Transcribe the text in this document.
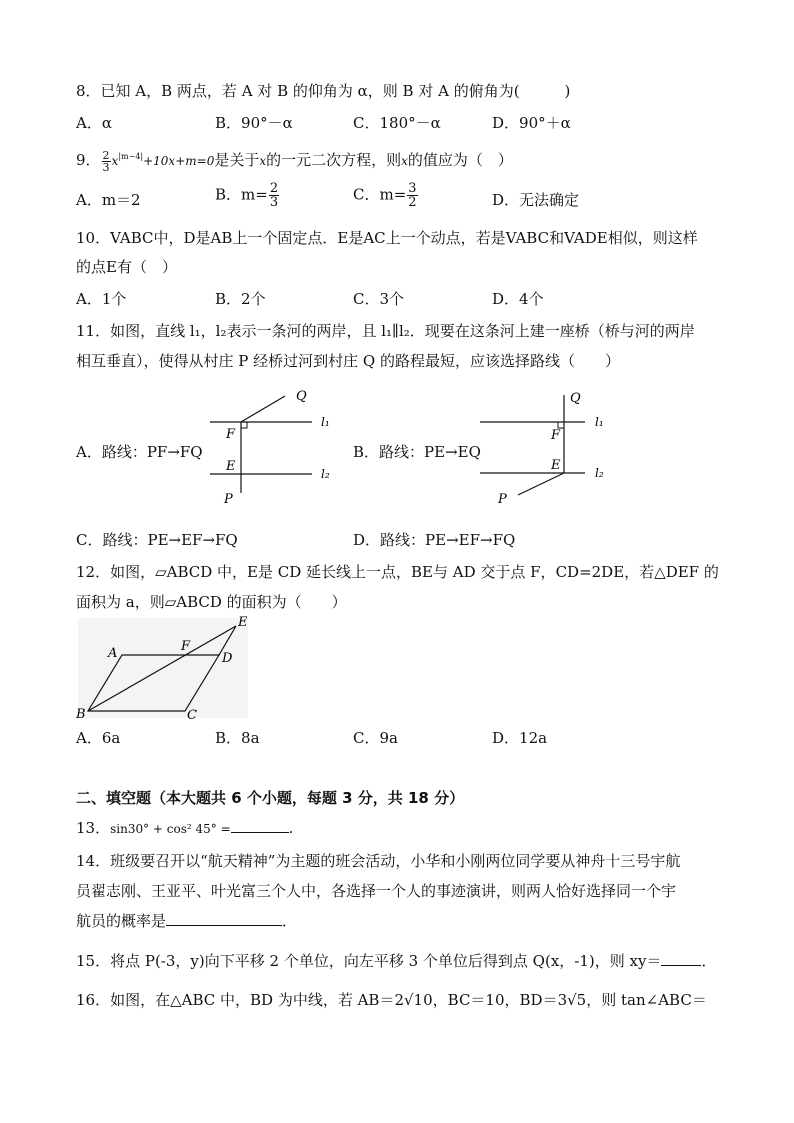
8．已知 A，B 两点，若 A 对 B 的仰角为 α，则 B 对 A 的俯角为(　　　)
A．α	B．90°－α	C．180°－α	D．90°＋α
9． $\frac{2}{3} x^{|m-4|}+10x+m=0$是关于x的一元二次方程，则x的值应为（　）
A．m＝2	B．$m= \frac{2}{3}$	C．$m= \frac{3}{2}$	D．无法确定
10．VABC中，D是AB上一个固定点．E是AC上一个动点，若是VABC和VADE相似，则这样
的点E有（　）
A．1个	B．2个	C．3个	D．4个
11．如图，直线 l₁，l₂表示一条河的两岸，且 l₁∥l₂．现要在这条河上建一座桥（桥与河的两岸
相互垂直），使得从村庄 P 经桥过河到村庄 Q 的路程最短，应该选择路线（　　）
Q
F
E
P
l₁
l₂
A．路线：PF→FQ
Q
F
E
P
l₁
l₂
B．路线：PE→EQ
C．路线：PE→EF→FQ	D．路线：PE→EF→FQ
12．如图，▱ABCD 中，E是 CD 延长线上一点，BE与 AD 交于点 F，CD=2DE，若△DEF 的
面积为 a，则▱ABCD 的面积为（　　）
A
B	C
D
E
F
A．6a	B．8a	C．9a	D．12a
二、填空题（本大题共 6 个小题，每题 3 分，共 18 分）
13．sin30° + cos² 45° =	.
14．班级要召开以“航天精神”为主题的班会活动，小华和小刚两位同学要从神舟十三号宇航
员翟志刚、王亚平、叶光富三个人中，各选择一个人的事迹演讲，则两人恰好选择同一个宇
航员的概率是	．
15．将点 P(-3，y)向下平移 2 个单位，向左平移 3 个单位后得到点 Q(x，-1)，则 xy＝	．
16．如图，在△ABC 中，BD 为中线，若 AB＝2√10，BC＝10，BD＝3√5，则 tan∠ABC＝
